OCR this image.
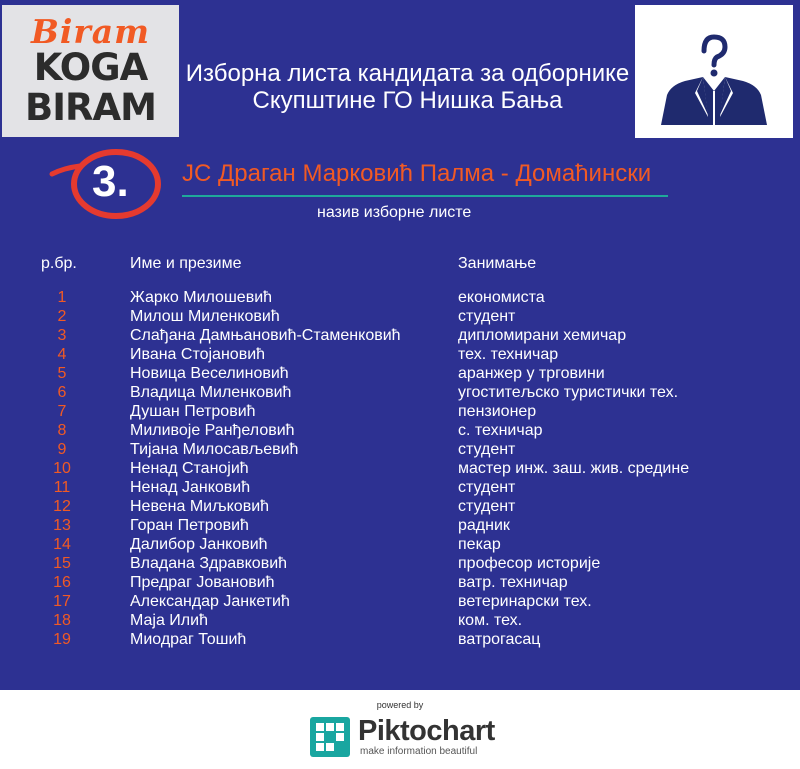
Biram
KOGA
BIRAM
Изборна листа кандидата за одборнике Скупштине ГО Нишка Бања
3. ЈС Драган Марковић Палма - Домаћински
назив изборне листе
р.бр.	Име и презиме	Занимање
1	Жарко Милошевић	економиста
2	Милош Миленковић	студент
3	Слађана Дамњановић-Стаменковић	дипломирани хемичар
4	Ивана Стојановић	тех. техничар
5	Новица Веселиновић	аранжер у трговини
6	Владица Миленковић	угоститељско туристички тех.
7	Душан Петровић	пензионер
8	Миливоје Ранђеловић	с. техничар
9	Тијана Милосављевић	студент
10	Ненад Станојић	мастер инж. заш. жив. средине
11	Ненад Јанковић	студент
12	Невена Миљковић	студент
13	Горан Петровић	радник
14	Далибор Јанковић	пекар
15	Владана Здравковић	професор историје
16	Предраг Јовановић	ватр. техничар
17	Александар Јанкетић	ветеринарски тех.
18	Маја Илић	ком. тех.
19	Миодраг Тошић	ватрогасац
powered by
Piktochart
make information beautiful
